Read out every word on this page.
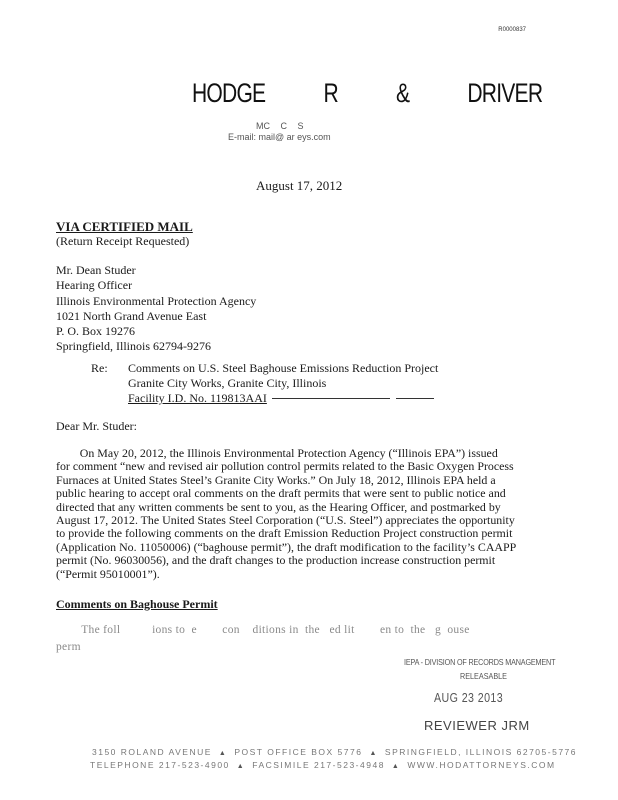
R0000837
HODGE R & DRIVER
MC C S
E-mail: mail@ ar eys.com
August 17, 2012
VIA CERTIFIED MAIL
(Return Receipt Requested)
Mr. Dean Studer
Hearing Officer
Illinois Environmental Protection Agency
1021 North Grand Avenue East
P. O. Box 19276
Springfield, Illinois 62794-9276
Re: Comments on U.S. Steel Baghouse Emissions Reduction Project
Granite City Works, Granite City, Illinois
Facility I.D. No. 119813AAI
Dear Mr. Studer:
On May 20, 2012, the Illinois Environmental Protection Agency (“Illinois EPA”) issued
for comment “new and revised air pollution control permits related to the Basic Oxygen Process
Furnaces at United States Steel’s Granite City Works.” On July 18, 2012, Illinois EPA held a
public hearing to accept oral comments on the draft permits that were sent to public notice and
directed that any written comments be sent to you, as the Hearing Officer, and postmarked by
August 17, 2012. The United States Steel Corporation (“U.S. Steel”) appreciates the opportunity
to provide the following comments on the draft Emission Reduction Project construction permit
(Application No. 11050006) (“baghouse permit”), the draft modification to the facility’s CAAPP
permit (No. 96030056), and the draft changes to the production increase construction permit
(“Permit 95010001”).
Comments on Baghouse Permit
The foll          ions to  e        con    ditions in  the   ed lit        en to  the   g  ouse
perm
IEPA - DIVISION OF RECORDS MANAGEMENT
RELEASABLE
AUG 23 2013
REVIEWER JRM
3150 ROLAND AVENUE ▲ POST OFFICE BOX 5776 ▲ SPRINGFIELD, ILLINOIS 62705-5776
TELEPHONE 217-523-4900 ▲ FACSIMILE 217-523-4948 ▲ WWW.HODATTORNEYS.COM
